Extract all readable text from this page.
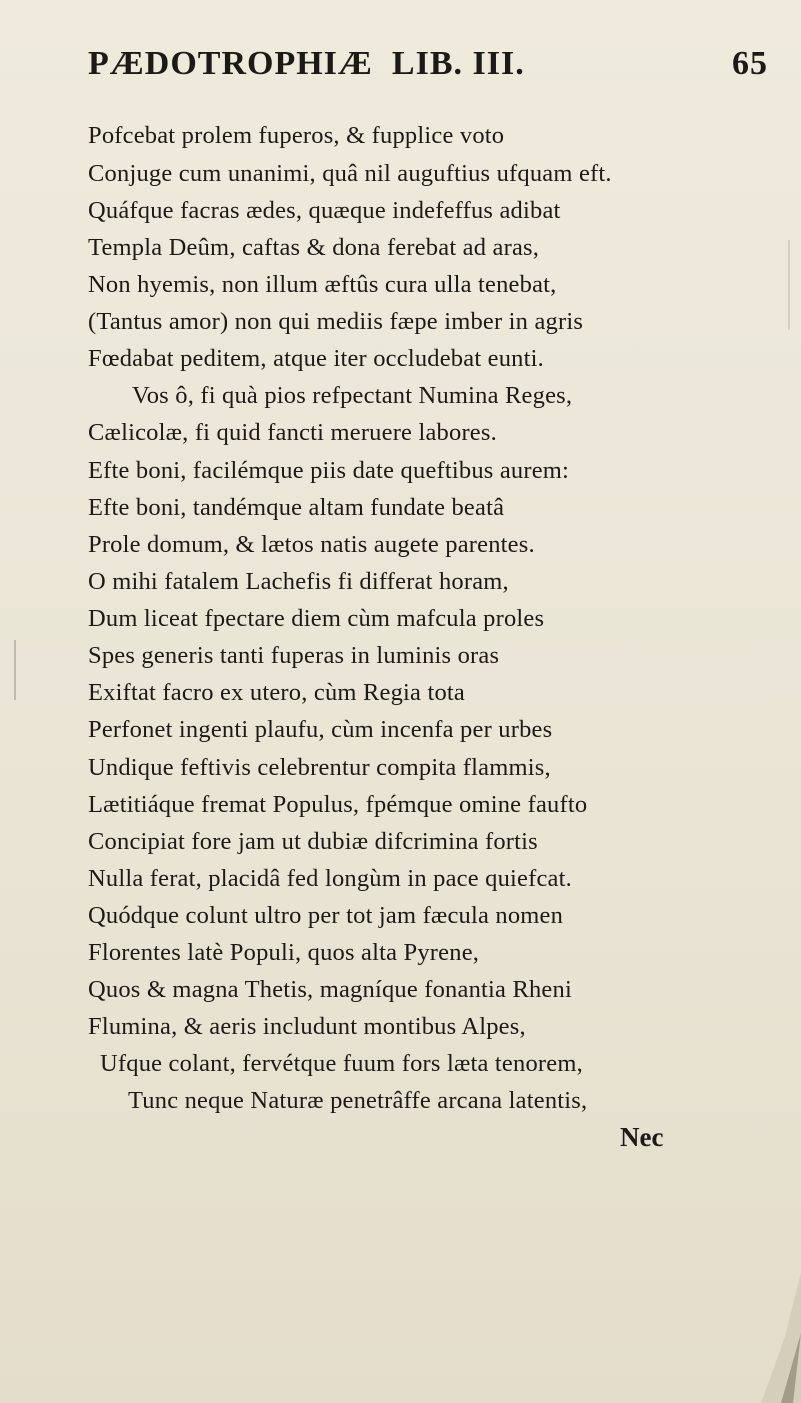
PÆDOTROPHIÆ LIB. III.	65
Pofcebat prolem fuperos, & fupplice voto
Conjuge cum unanimi, quâ nil auguftius ufquam eft.
Quáfque facras ædes, quæque indefeffus adibat
Templa Deûm, caftas & dona ferebat ad aras,
Non hyemis, non illum æftûs cura ulla tenebat,
(Tantus amor) non qui mediis fæpe imber in agris
Fœdabat peditem, atque iter occludebat eunti.
Vos ô, fi quà pios refpectant Numina Reges,
Cælicolæ, fi quid fancti meruere labores.
Efte boni, facilémque piis date queftibus aurem:
Efte boni, tandémque altam fundate beatâ
Prole domum, & lætos natis augete parentes.
O mihi fatalem Lachefis fi differat horam,
Dum liceat fpectare diem cùm mafcula proles
Spes generis tanti fuperas in luminis oras
Exiftat facro ex utero, cùm Regia tota
Perfonet ingenti plaufu, cùm incenfa per urbes
Undique feftivis celebrentur compita flammis,
Lætitiáque fremat Populus, fpémque omine faufto
Concipiat fore jam ut dubiæ difcrimina fortis
Nulla ferat, placidâ fed longùm in pace quiefcat.
Quódque colunt ultro per tot jam fæcula nomen
Florentes latè Populi, quos alta Pyrene,
Quos & magna Thetis, magníque fonantia Rheni
Flumina, & aeris includunt montibus Alpes,
Ufque colant, fervétque fuum fors læta tenorem,
Tunc neque Naturæ penetrâffe arcana latentis,
Nec
